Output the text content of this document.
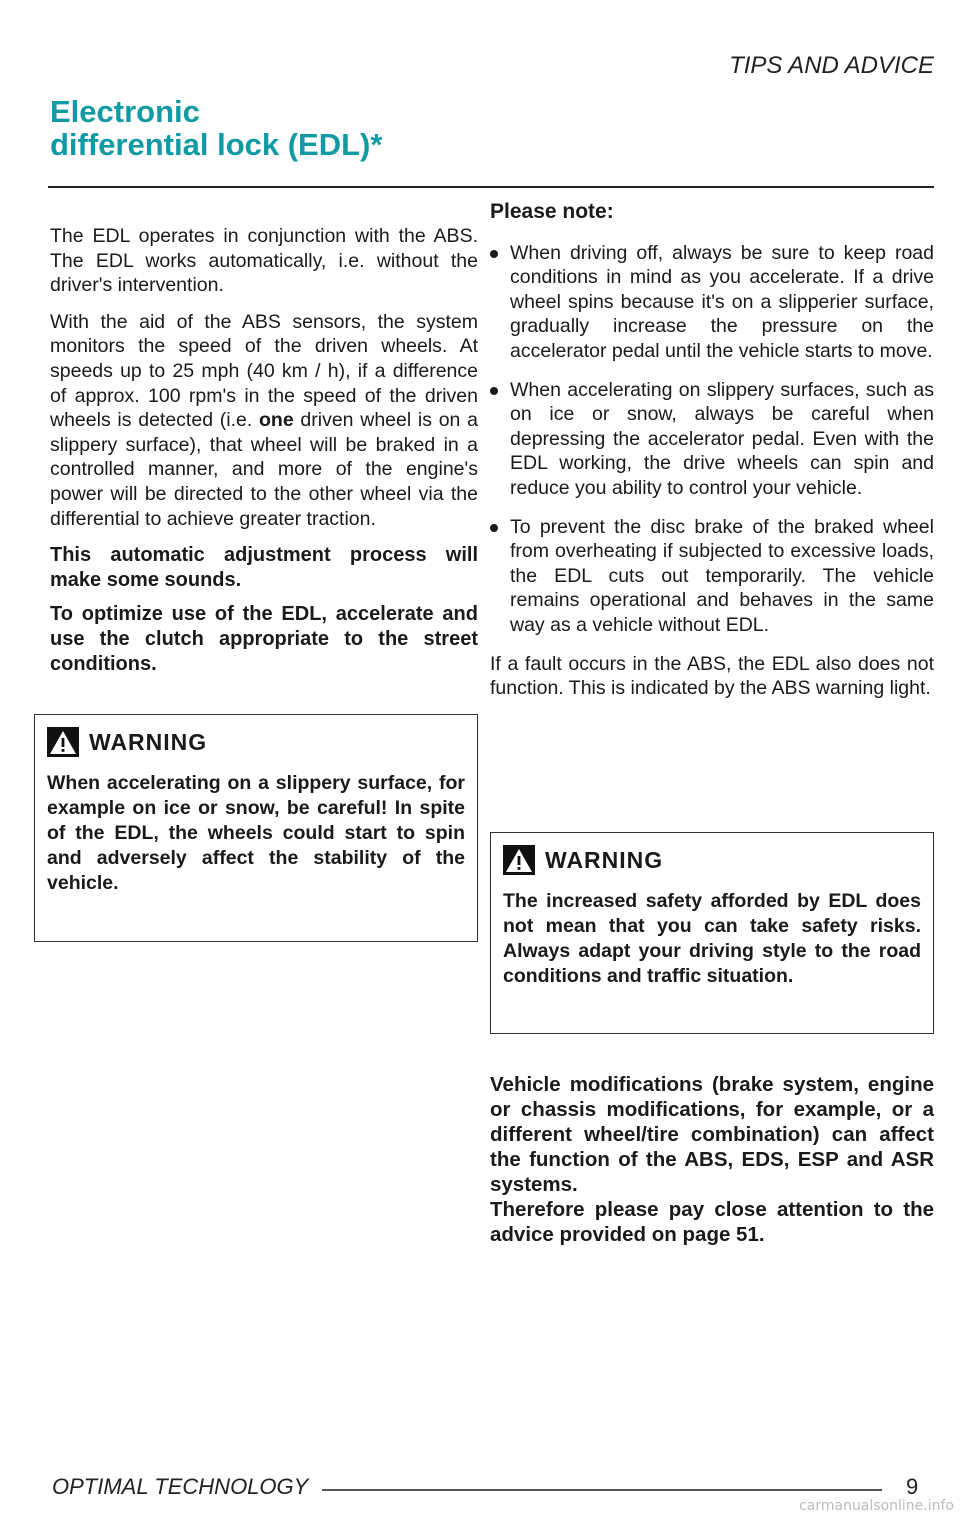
TIPS AND ADVICE
Electronic
differential lock (EDL)*

The EDL operates in conjunction with the ABS. The EDL works automatically, i.e. without the driver's intervention.

With the aid of the ABS sensors, the system monitors the speed of the driven wheels. At speeds up to 25 mph (40 km / h), if a difference of approx. 100 rpm's in the speed of the driven wheels is detected (i.e. one driven wheel is on a slippery surface), that wheel will be braked in a controlled manner, and more of the engine's power will be directed to the other wheel via the differential to achieve greater traction.

This automatic adjustment process will make some sounds.

To optimize use of the EDL, accelerate and use the clutch appropriate to the street conditions.

WARNING
When accelerating on a slippery surface, for example on ice or snow, be careful! In spite of the EDL, the wheels could start to spin and adversely affect the stability of the vehicle.
Please note:

When driving off, always be sure to keep road conditions in mind as you accelerate. If a drive wheel spins because it's on a slipperier surface, gradually increase the pressure on the accelerator pedal until the vehicle starts to move.

When accelerating on slippery surfaces, such as on ice or snow, always be careful when depressing the accelerator pedal. Even with the EDL working, the drive wheels can spin and reduce you ability to control your vehicle.

To prevent the disc brake of the braked wheel from overheating if subjected to excessive loads, the EDL cuts out temporarily. The vehicle remains operational and behaves in the same way as a vehicle without EDL.

If a fault occurs in the ABS, the EDL also does not function. This is indicated by the ABS warning light.

WARNING
The increased safety afforded by EDL does not mean that you can take safety risks. Always adapt your driving style to the road conditions and traffic situation.

Vehicle modifications (brake system, engine or chassis modifications, for example, or a different wheel/tire combination) can affect the function of the ABS, EDS, ESP and ASR systems.

Therefore please pay close attention to the advice provided on page 51.

OPTIMAL TECHNOLOGY	9
carmanualsonline.info
